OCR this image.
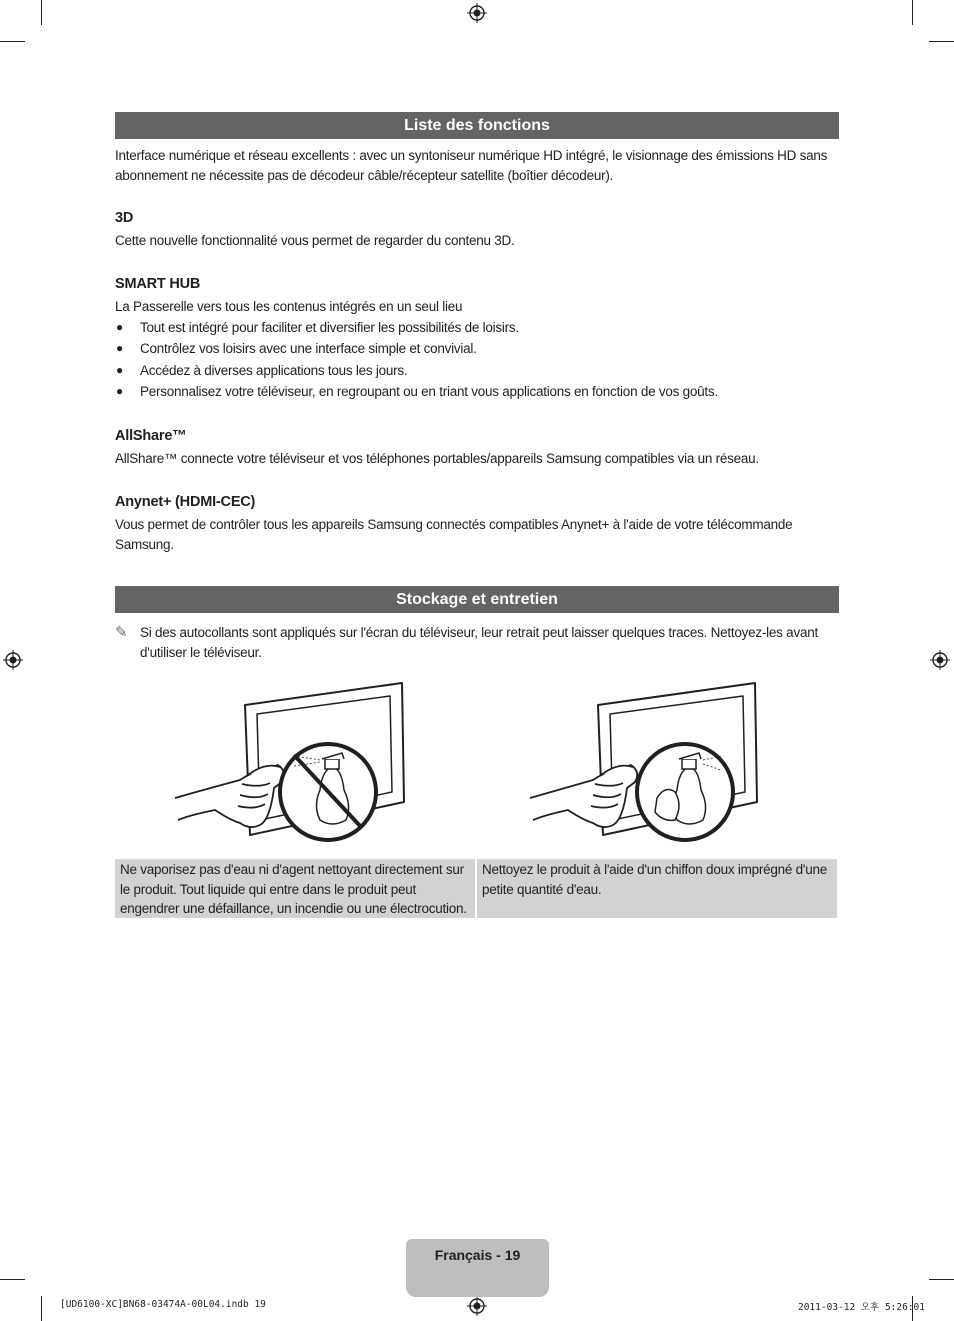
Liste des fonctions
Interface numérique et réseau excellents : avec un syntoniseur numérique HD intégré, le visionnage des émissions HD sans abonnement ne nécessite pas de décodeur câble/récepteur satellite (boîtier décodeur).
3D
Cette nouvelle fonctionnalité vous permet de regarder du contenu 3D.
SMART HUB
La Passerelle vers tous les contenus intégrés en un seul lieu
● Tout est intégré pour faciliter et diversifier les possibilités de loisirs.
● Contrôlez vos loisirs avec une interface simple et convivial.
● Accédez à diverses applications tous les jours.
● Personnalisez votre téléviseur, en regroupant ou en triant vous applications en fonction de vos goûts.
AllShare™
AllShare™ connecte votre téléviseur et vos téléphones portables/appareils Samsung compatibles via un réseau.
Anynet+ (HDMI-CEC)
Vous permet de contrôler tous les appareils Samsung connectés compatibles Anynet+ à l'aide de votre télécommande Samsung.
Stockage et entretien
✎ Si des autocollants sont appliqués sur l'écran du téléviseur, leur retrait peut laisser quelques traces. Nettoyez-les avant d'utiliser le téléviseur.
Ne vaporisez pas d'eau ni d'agent nettoyant directement sur le produit. Tout liquide qui entre dans le produit peut engendrer une défaillance, un incendie ou une électrocution.
Nettoyez le produit à l'aide d'un chiffon doux imprégné d'une petite quantité d'eau.
Français - 19
[UD6100-XC]BN68-03474A-00L04.indb 19	2011-03-12 오후 5:26:01
